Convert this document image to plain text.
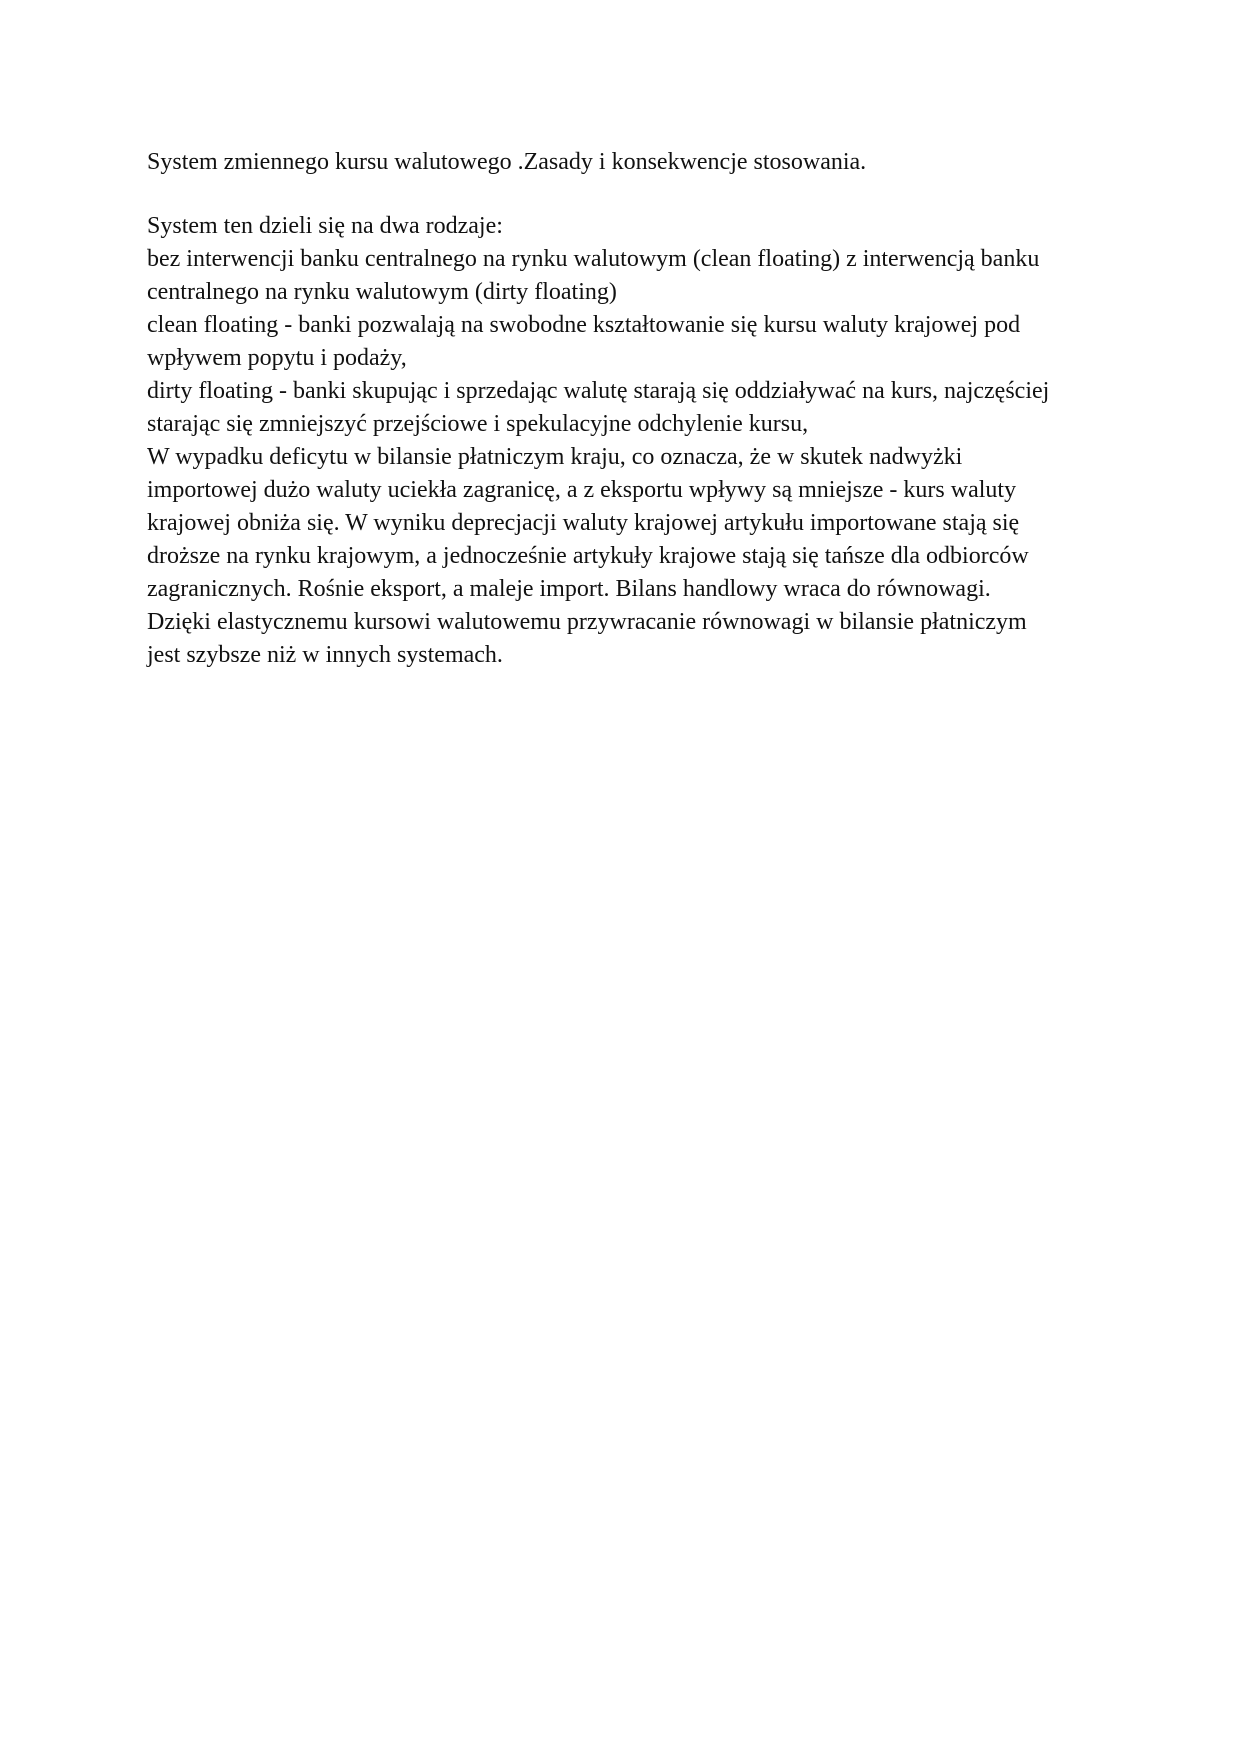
System zmiennego kursu walutowego .Zasady i konsekwencje stosowania.
System ten dzieli się na dwa rodzaje:
bez interwencji banku centralnego na rynku walutowym (clean floating) z interwencją banku
centralnego na rynku walutowym (dirty floating)
clean floating - banki pozwalają na swobodne kształtowanie się kursu waluty krajowej pod
wpływem popytu i podaży,
dirty floating - banki skupując i sprzedając walutę starają się oddziaływać na kurs, najczęściej
starając się zmniejszyć przejściowe i spekulacyjne odchylenie kursu,
W wypadku deficytu w bilansie płatniczym kraju, co oznacza, że w skutek nadwyżki
importowej dużo waluty uciekła zagranicę, a z eksportu wpływy są mniejsze - kurs waluty
krajowej obniża się. W wyniku deprecjacji waluty krajowej artykułu importowane stają się
droższe na rynku krajowym, a jednocześnie artykuły krajowe stają się tańsze dla odbiorców
zagranicznych. Rośnie eksport, a maleje import. Bilans handlowy wraca do równowagi.
Dzięki elastycznemu kursowi walutowemu przywracanie równowagi w bilansie płatniczym
jest szybsze niż w innych systemach.
